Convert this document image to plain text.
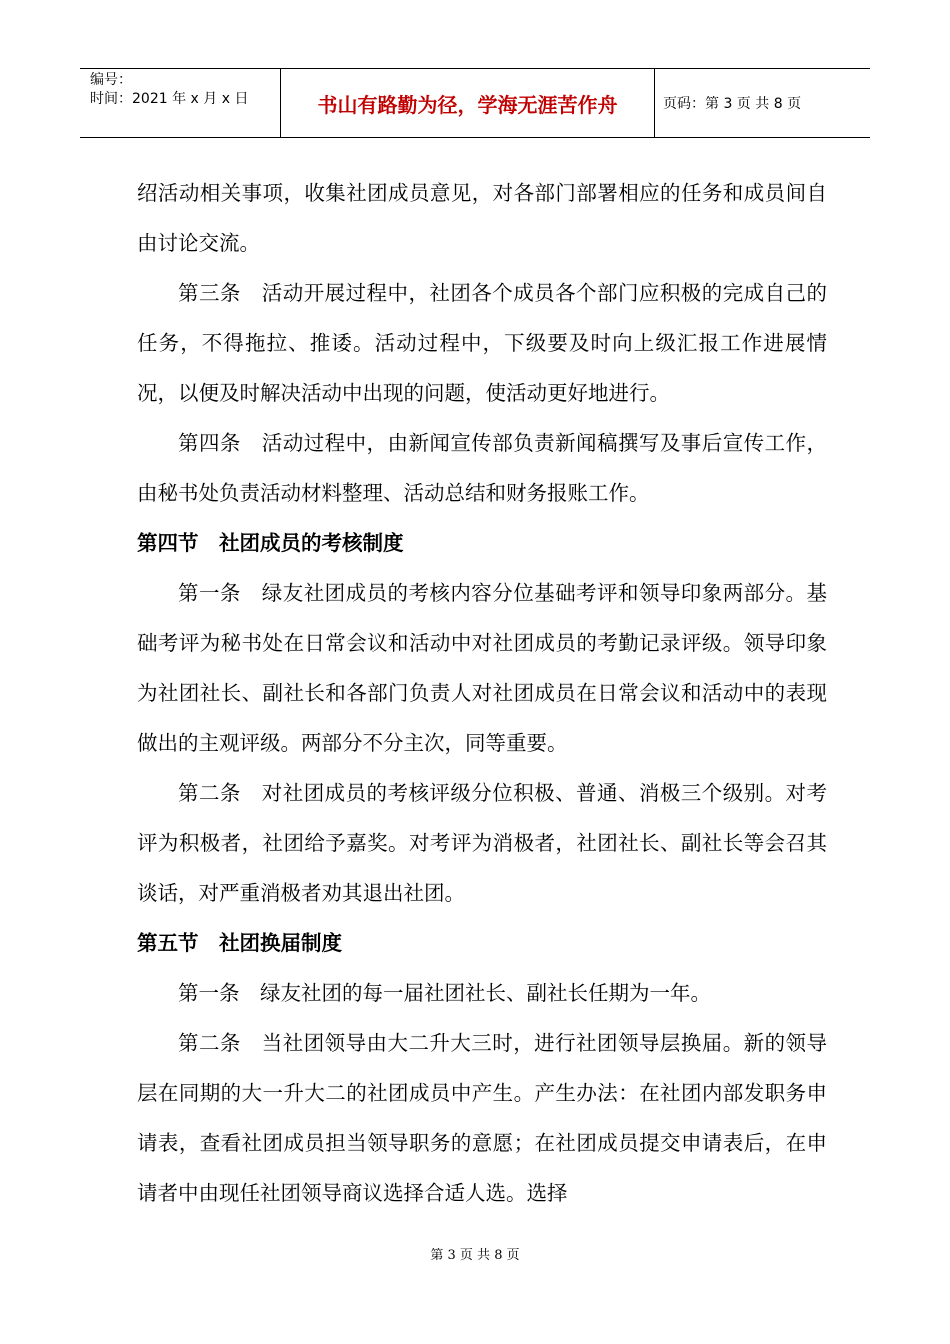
编号：
时间：2021 年 x 月 x 日	书山有路勤为径，学海无涯苦作舟	页码：第 3 页 共 8 页

绍活动相关事项，收集社团成员意见，对各部门部署相应的任务和成员间自由讨论交流。

第三条　活动开展过程中，社团各个成员各个部门应积极的完成自己的任务，不得拖拉、推诿。活动过程中，下级要及时向上级汇报工作进展情况，以便及时解决活动中出现的问题，使活动更好地进行。

第四条　活动过程中，由新闻宣传部负责新闻稿撰写及事后宣传工作，由秘书处负责活动材料整理、活动总结和财务报账工作。

第四节　社团成员的考核制度

第一条　绿友社团成员的考核内容分位基础考评和领导印象两部分。基础考评为秘书处在日常会议和活动中对社团成员的考勤记录评级。领导印象为社团社长、副社长和各部门负责人对社团成员在日常会议和活动中的表现做出的主观评级。两部分不分主次，同等重要。

第二条　对社团成员的考核评级分位积极、普通、消极三个级别。对考评为积极者，社团给予嘉奖。对考评为消极者，社团社长、副社长等会召其谈话，对严重消极者劝其退出社团。

第五节　社团换届制度

第一条　绿友社团的每一届社团社长、副社长任期为一年。

第二条　当社团领导由大二升大三时，进行社团领导层换届。新的领导层在同期的大一升大二的社团成员中产生。产生办法：在社团内部发职务申请表，查看社团成员担当领导职务的意愿；在社团成员提交申请表后，在申请者中由现任社团领导商议选择合适人选。选择

第 3 页 共 8 页
